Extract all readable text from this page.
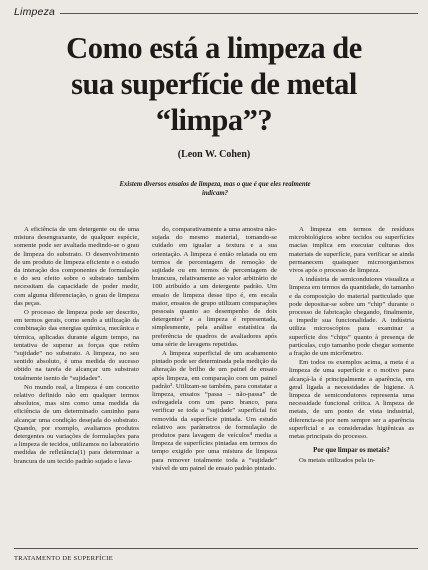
Limpeza
Como está a limpeza de
sua superfície de metal
“limpa”?
(Leon W. Cohen)
Existem diversos ensaios de limpeza, mas o que é que eles realmente
indicam?

A eficiência de um detergente ou de uma mistura desengraxante, de qualquer espécie, somente pode ser avaliada medindo-se o grau de limpeza do substrato. O desenvolvimento de um produto de limpeza eficiente e o estudo da interação dos componentes de formulação e do seu efeito sobre o substrato também necessitam da capacidade de poder medir, com alguma diferenciação, o grau de limpeza das peças.

O processo de limpeza pode ser descrito, em termos gerais, como sendo a utilização da combinação das energias química, mecânica e térmica, aplicadas durante algum tempo, na tentativa de superar as forças que retêm “sujidade” no substrato. A limpeza, no seu sentido absoluto, é uma medida do sucesso obtido na tarefa de alcançar um substrato totalmente isento de “sujidades”.

No mundo real, a limpeza é um conceito relativo definido não em qualquer termos absolutos, mas sim como uma medida da eficiência de um determinado caminho para alcançar uma condição desejada do substrato. Quando, por exemplo, avaliamos produtos detergentes ou variações de formulações para a limpeza de tecidos, utilizamos no laboratório medidas de refletância(1) para determinar a brancura de um tecido padrão sujado e lava-

do, comparativamente a uma amostra não-sujada do mesmo material, tomando-se cuidado em igualar a textura e a sua orientação. A limpeza é então relatada ou em termos de percentagem de remoção de sujidade ou em termos de percentagem de brancura, relativamente ao valor arbitrário de 100 atribuído a um detergente padrão. Um ensaio de limpeza desse tipo é, em escala maior, ensaios de grupo utilizam comparações pessoais quanto ao desempenho de dois detergentes² e a limpeza é representada, simplesmente, pela análise estatística da preferência de quadros de avaliadores após uma série de lavagens repetidas.

A limpeza superficial de um acabamento pintado pode ser determinada pela medição da alteração de brilho de um painel de ensaio após limpeza, em comparação com um painel padrão³. Utilizam-se também, para constatar a limpeza, ensaios “passa – não-passa” de esfregadela com um pano branco, para verificar se toda a “sujidade” superficial foi removida da superfície pintada. Um estudo relativo aos parâmetros de formulação de produtos para lavagem de veículos⁴ media a limpeza de superfícies pintadas em termos do tempo exigido por uma mistura de limpeza para remover totalmente toda a “sujidade” visível de um painel de ensaio padrão pintado.

A limpeza em termos de resíduos microbiológicos sobre tecidos ou superfícies macias implica em executar culturas dos materiais de superfície, para verificar se ainda permanecem quaisquer microorganismos vivos após o processo de limpeza.

A indústria de semicondutores visualiza a limpeza em termos da quantidade, do tamanho e da composição do material particulado que pode depositar-se sobre um “chip” durante o processo de fabricação chegando, finalmente, a impedir sua funcionalidade. A indústria utiliza microscópios para examinar a superfície dos “chips” quanto à presença de partículas, cujo tamanho pode chegar somente a fração de um micrômetro.

Em todos os exemplos acima, a meta é a limpeza de uma superfície e o motivo para alcançá-la é principalmente a aparência, em geral ligada a necessidades de higiene. A limpeza de semicondutores representa uma necessidade funcional crítica. A limpeza de metais, de um ponto de vista industrial, diferencia-se por nem sempre ser a aparência superficial e as consideradas higiênicas as metas principais do processo.

Por que limpar os metais?

Os metais utilizados pela in-

TRATAMENTO DE SUPERFÍCIE
